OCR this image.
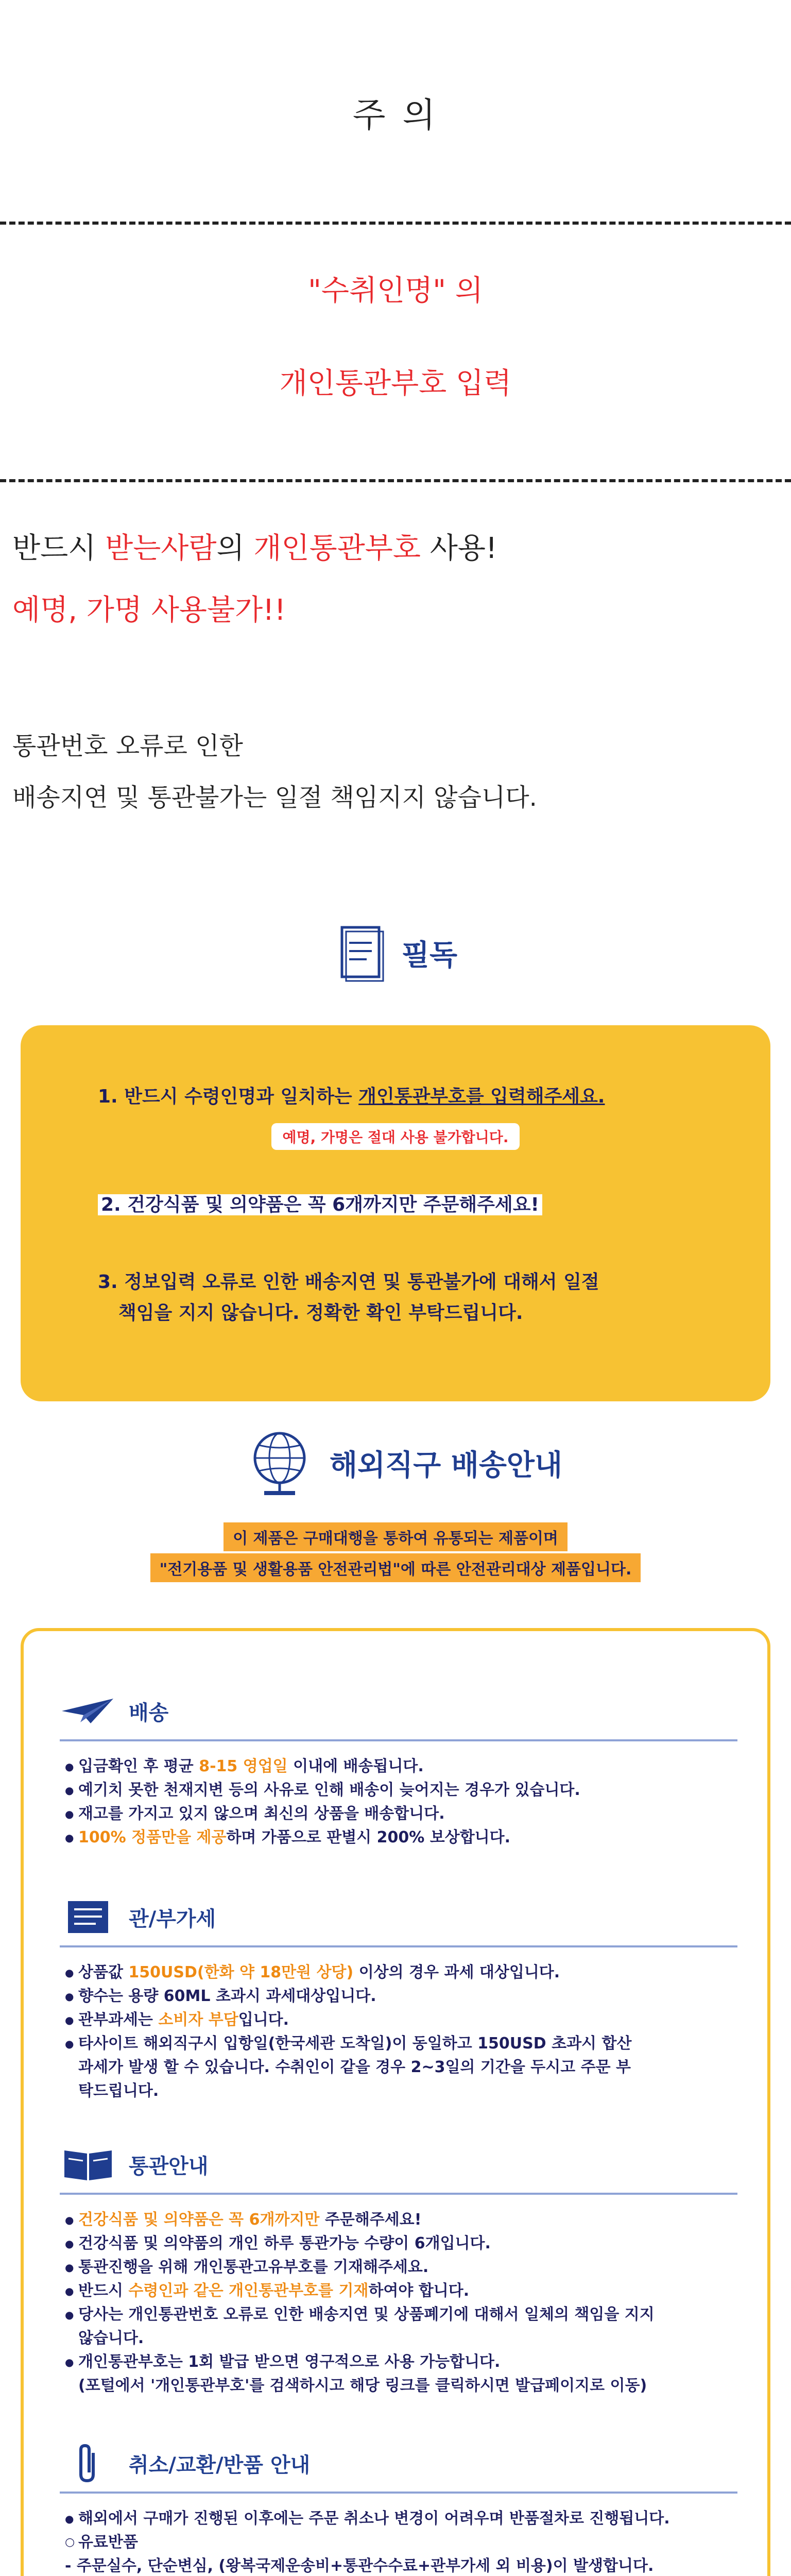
주 의
"수취인명" 의
개인통관부호 입력
반드시 받는사람의 개인통관부호 사용!
예명, 가명 사용불가!!
통관번호 오류로 인한
배송지연 및 통관불가는 일절 책임지지 않습니다.
필독
1. 반드시 수령인명과 일치하는 개인통관부호를 입력해주세요.
예명, 가명은 절대 사용 불가합니다.
2. 건강식품 및 의약품은 꼭 6개까지만 주문해주세요!
3. 정보입력 오류로 인한 배송지연 및 통관불가에 대해서 일절
책임을 지지 않습니다. 정확한 확인 부탁드립니다.
해외직구 배송안내
이 제품은 구매대행을 통하여 유통되는 제품이며
"전기용품 및 생활용품 안전관리법"에 따른 안전관리대상 제품입니다.
배송
● 입금확인 후 평균 8-15 영업일 이내에 배송됩니다.
● 예기치 못한 천재지변 등의 사유로 인해 배송이 늦어지는 경우가 있습니다.
● 재고를 가지고 있지 않으며 최신의 상품을 배송합니다.
● 100% 정품만을 제공하며 가품으로 판별시 200% 보상합니다.
관/부가세
● 상품값 150USD(한화 약 18만원 상당) 이상의 경우 과세 대상입니다.
● 향수는 용량 60ML 초과시 과세대상입니다.
● 관부과세는 소비자 부담입니다.
● 타사이트 해외직구시 입항일(한국세관 도착일)이 동일하고 150USD 초과시 합산
과세가 발생 할 수 있습니다. 수취인이 같을 경우 2~3일의 기간을 두시고 주문 부
탁드립니다.
통관안내
● 건강식품 및 의약품은 꼭 6개까지만 주문해주세요!
● 건강식품 및 의약품의 개인 하루 통관가능 수량이 6개입니다.
● 통관진행을 위해 개인통관고유부호를 기재해주세요.
● 반드시 수령인과 같은 개인통관부호를 기재하여야 합니다.
● 당사는 개인통관번호 오류로 인한 배송지연 및 상품폐기에 대해서 일체의 책임을 지지
않습니다.
● 개인통관부호는 1회 발급 받으면 영구적으로 사용 가능합니다.
(포털에서 '개인통관부호'를 검색하시고 해당 링크를 클릭하시면 발급페이지로 이동)
취소/교환/반품 안내
● 해외에서 구매가 진행된 이후에는 주문 취소나 변경이 어려우며 반품절차로 진행됩니다.
○ 유료반품
- 주문실수, 단순변심, (왕복국제운송비+통관수수료+관부가세 외 비용)이 발생합니다.
